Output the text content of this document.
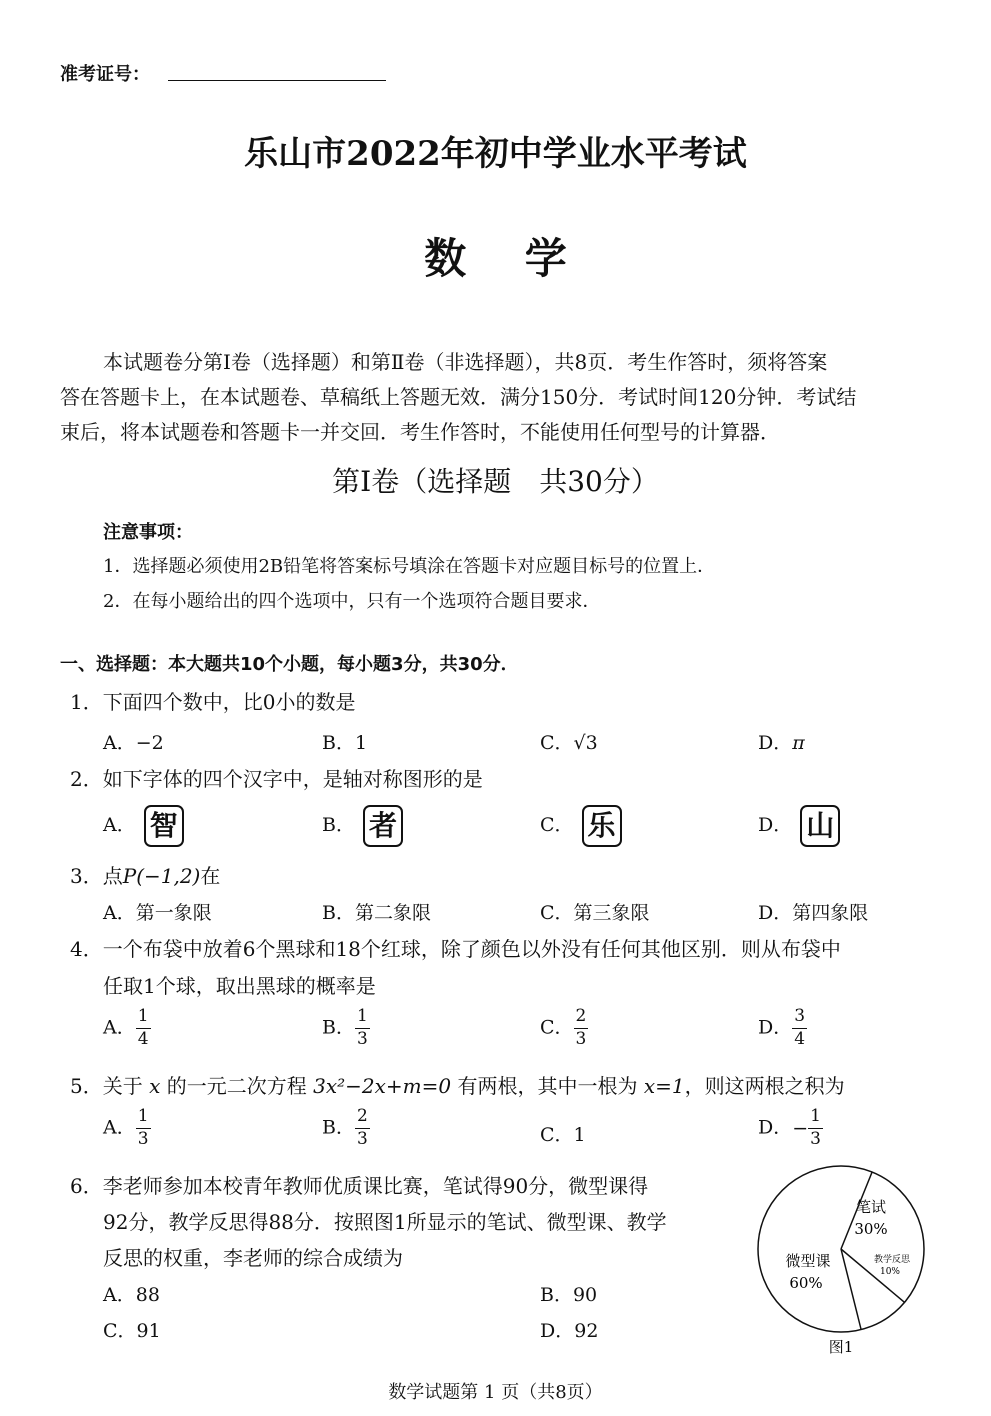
准考证号：
乐山市2022年初中学业水平考试
数    学
本试题卷分第Ⅰ卷（选择题）和第Ⅱ卷（非选择题），共8页．考生作答时，须将答案
答在答题卡上，在本试题卷、草稿纸上答题无效．满分150分．考试时间120分钟．考试结
束后，将本试题卷和答题卡一并交回．考生作答时，不能使用任何型号的计算器．
第Ⅰ卷（选择题　共30分）
注意事项：
1．选择题必须使用2B铅笔将答案标号填涂在答题卡对应题目标号的位置上．
2．在每小题给出的四个选项中，只有一个选项符合题目要求．
一、选择题：本大题共10个小题，每小题3分，共30分．
1．下面四个数中，比0小的数是
A．−2	B．1	C．√3	D．π
2．如下字体的四个汉字中，是轴对称图形的是
A． 智	B． 者	C． 乐	D． 山
3．点P(−1,2)在
A．第一象限	B．第二象限	C．第三象限	D．第四象限
4．一个布袋中放着6个黑球和18个红球，除了颜色以外没有任何其他区别．则从布袋中
任取1个球，取出黑球的概率是
A． $\frac{1}{4}$	B． $\frac{1}{3}$	C． $\frac{2}{3}$	D． $\frac{3}{4}$
5．关于 x 的一元二次方程 3x²−2x+m=0 有两根，其中一根为 x=1，则这两根之积为
A． $\frac{1}{3}$	B． $\frac{2}{3}$	C．1	D．− $\frac{1}{3}$
6．李老师参加本校青年教师优质课比赛，笔试得90分，微型课得
92分，教学反思得88分．按照图1所显示的笔试、微型课、教学
反思的权重，李老师的综合成绩为
A．88	B．90
C．91	D．92
笔试
30%
教学反思
10%
微型课
60%
图1
数学试题第 1 页（共8页）
